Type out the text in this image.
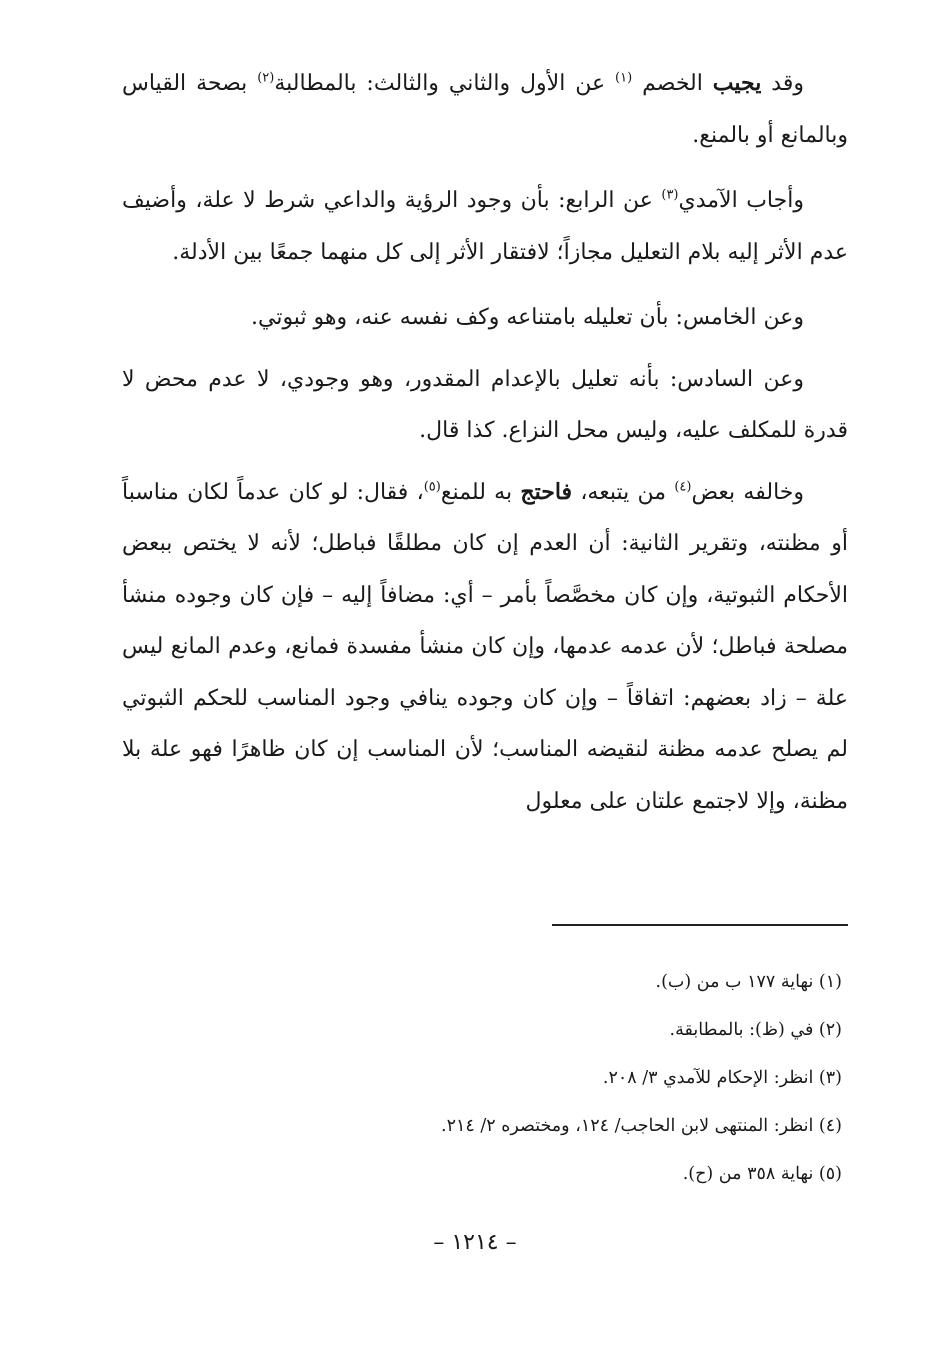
وقد يجيب الخصم $^{(١)}$ عن الأول والثاني والثالث: بالمطالبة$^{(٢)}$ بصحة القياس وبالمانع أو بالمنع.

وأجاب الآمدي$^{(٣)}$ عن الرابع: بأن وجود الرؤية والداعي شرط لا علة، وأضيف عدم الأثر إليه بلام التعليل مجازاً؛ لافتقار الأثر إلى كل منهما جمعًا بين الأدلة.

وعن الخامس: بأن تعليله بامتناعه وكف نفسه عنه، وهو ثبوتي.

وعن السادس: بأنه تعليل بالإعدام المقدور، وهو وجودي، لا عدم محض لا قدرة للمكلف عليه، وليس محل النزاع. كذا قال.

وخالفه بعض$^{(٤)}$ من يتبعه، فاحتج به للمنع$^{(٥)}$، فقال: لو كان عدماً لكان مناسباً أو مظنته، وتقرير الثانية: أن العدم إن كان مطلقًا فباطل؛ لأنه لا يختص ببعض الأحكام الثبوتية، وإن كان مخصَّصاً بأمر – أي: مضافاً إليه – فإن كان وجوده منشأ مصلحة فباطل؛ لأن عدمه عدمها، وإن كان منشأ مفسدة فمانع، وعدم المانع ليس علة – زاد بعضهم: اتفاقاً – وإن كان وجوده ينافي وجود المناسب للحكم الثبوتي لم يصلح عدمه مظنة لنقيضه المناسب؛ لأن المناسب إن كان ظاهرًا فهو علة بلا مظنة، وإلا لاجتمع علتان على معلول

(١) نهاية ١٧٧ ب من (ب).

(٢) في (ظ): بالمطابقة.

(٣) انظر: الإحكام للآمدي ٣/ ٢٠٨.

(٤) انظر: المنتهى لابن الحاجب/ ١٢٤، ومختصره ٢/ ٢١٤.

(٥) نهاية ٣٥٨ من (ح).

– ١٢١٤ –
